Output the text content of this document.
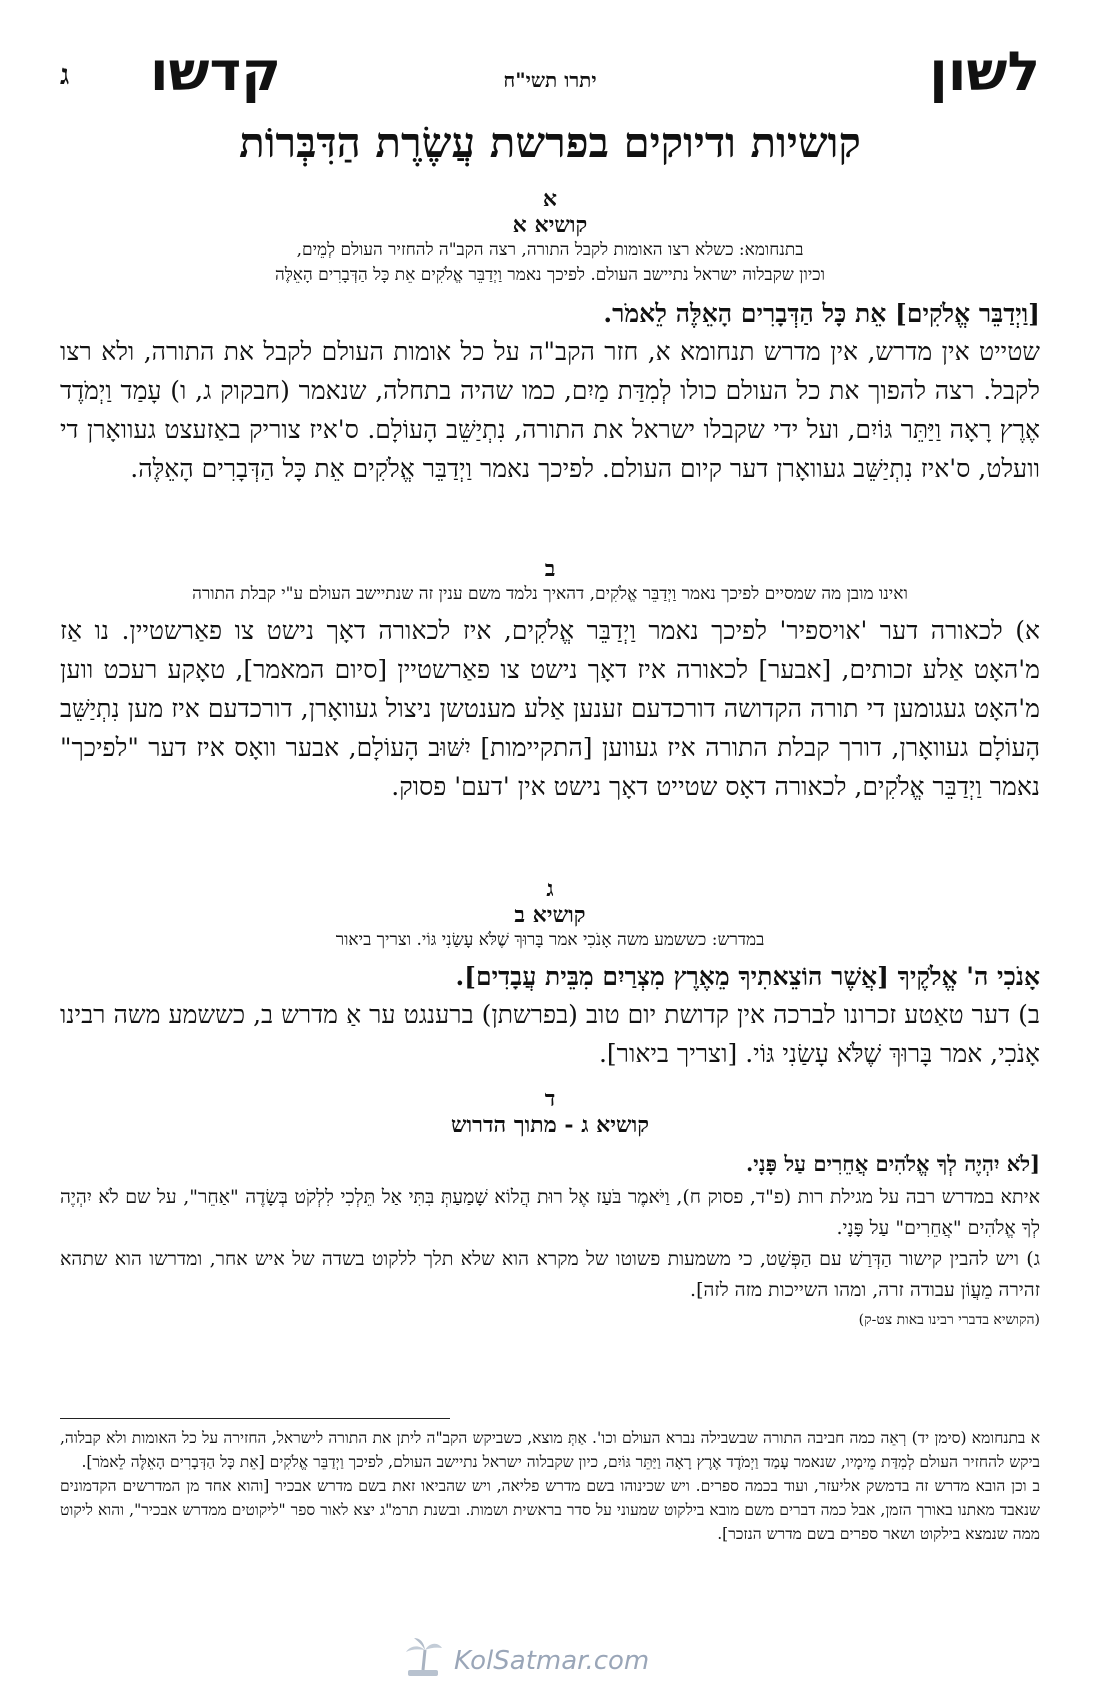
לשון
יתרו תשי"ח
קדשו
ג
קושיות ודיוקים בפרשת עֲשֶׂרֶת הַדִּבְּרוֹת
א
קושיא א
בתנחומא: כשלא רצו האומות לקבל התורה, רצה הקב"ה להחזיר העולם לְמֵים,
וכיון שקבלוה ישראל נתיישב העולם. לפיכך נאמר וַיְדַבֵּר אֱלֹקִים אֵת כָּל הַדְּבָרִים הָאֵלֶּה
[וַיְדַבֵּר אֱלֹקִים] אֵת כָּל הַדְּבָרִים הָאֵלֶּה לֵאמֹר.
שטייט אין מדרש, אין מדרש תנחומא א, חזר הקב"ה על כל אומות העולם לקבל את התורה, ולא רצו לקבל. רצה להפוך את כל העולם כולו לְמִדַּת מַיִם, כמו שהיה בתחלה, שנאמר (חבקוק ג, ו) עָמַד וַיְמֹדֶד אֶרֶץ רָאָה וַיַּתֵּר גּוֹיִם, ועל ידי שקבלו ישראל את התורה, נִתְיַשֵּׁב הָעוֹלָם. ס'איז צוריק באַזעצט געוואָרן די וועלט, ס'איז נִתְיַשֵּׁב געוואָרן דער קיום העולם. לפיכך נאמר וַיְדַבֵּר אֱלֹקִים אֵת כָּל הַדְּבָרִים הָאֵלֶּה.
ב
ואינו מובן מה שמסיים לפיכך נאמר וַיְדַבֵּר אֱלֹקִים, דהאיך נלמד משם ענין זה שנתיישב העולם ע"י קבלת התורה
א) לכאורה דער 'אויספיר' לפיכך נאמר וַיְדַבֵּר אֱלֹקִים, איז לכאורה דאָך נישט צו פאַרשטיין. נו אַז מ'האָט אַלע זכותים, [אבער] לכאורה איז דאָך נישט צו פאַרשטיין [סיום המאמר], טאָקע רעכט ווען מ'האָט געגומען די תורה הקדושה דורכדעם זענען אַלע מענטשן ניצול געוואָרן, דורכדעם איז מען נִתְיַשֵּׁב הָעוֹלָם געוואָרן, דורך קבלת התורה איז געווען [התקיימות] יִשּׁוּב הָעוֹלָם, אבער וואָס איז דער "לפיכך" נאמר וַיְדַבֵּר אֱלֹקִים, לכאורה דאָס שטייט דאָך נישט אין 'דעם' פסוק.
ג
קושיא ב
במדרש: כששמע משה אָנֹכִי אמר בָּרוּךְ שֶׁלֹּא עָשַׂנִי גּוֹי. וצריך ביאור
אָנֹכִי ה' אֱלֹקֶיךָ [אֲשֶׁר הוֹצֵאתִיךָ מֵאֶרֶץ מִצְרַיִם מִבֵּית עֲבָדִים].
ב) דער טאַטע זכרונו לברכה אין קדושת יום טוב (בפרשתן) ברענגט ער אַ מדרש ב, כששמע משה רבינו אָנֹכִי, אמר בָּרוּךְ שֶׁלֹּא עָשַׂנִי גּוֹי. [וצריך ביאור].
ד
קושיא ג - מתוך הדרוש
[לֹא יִהְיֶה לְךָ אֱלֹהִים אֲחֵרִים עַל פָּנָי.
איתא במדרש רבה על מגילת רות (פ"ד, פסוק ח), וַיֹּאמֶר בֹּעַז אֶל רוּת הֲלוֹא שָׁמַעַתְּ בִּתִּי אַל תֵּלְכִי לִלְקֹט בְּשָׂדֶה "אַחֵר", על שם לֹא יִהְיֶה לְךָ אֱלֹהִים "אֲחֵרִים" עַל פָּנָי.
ג) ויש להבין קישור הַדְּרַשׁ עם הַפְּשַׁט, כי משמעות פשוטו של מקרא הוא שלא תלך ללקוט בשדה של איש אחר, ומדרשו הוא שתהא זהירה מֵעֲוֹן עבודה זרה, ומהו השייכות מזה לזה].
(הקושיא בדברי רבינו באות צט-ק)
א בתנחומא (סימן יד) רְאֵה כמה חביבה התורה שבשבילה נברא העולם וכו'. אַתְּ מוצא, כשביקש הקב"ה ליתן את התורה לישראל, החזירה על כל האומות ולא קבלוה, ביקש להחזיר העולם לְמִדַּת מֵימָיו, שנאמר עָמַד וַיְמֹדֶד אֶרֶץ רָאָה וַיַּתֵּר גּוֹיִם, כיון שקבלוה ישראל נתיישב העולם, לפיכך וַיְדַבֵּר אֱלֹקִים [אֵת כָּל הַדְּבָרִים הָאֵלֶּה לֵאמֹר].
ב וכן הובא מדרש זה בדמשק אליעזר, ועוד בכמה ספרים. ויש שכינוהו בשם מדרש פליאה, ויש שהביאו זאת בשם מדרש אבכיר [והוא אחד מן המדרשים הקדמונים שנאבד מאתנו באורך הזמן, אבל כמה דברים משם מובא בילקוט שמעוני על סדר בראשית ושמות. ובשנת תרמ"ג יצא לאור ספר "ליקוטים ממדרש אבכיר", והוא ליקוט ממה שנמצא בילקוט ושאר ספרים בשם מדרש הנזכר].
KolSatmar.com
